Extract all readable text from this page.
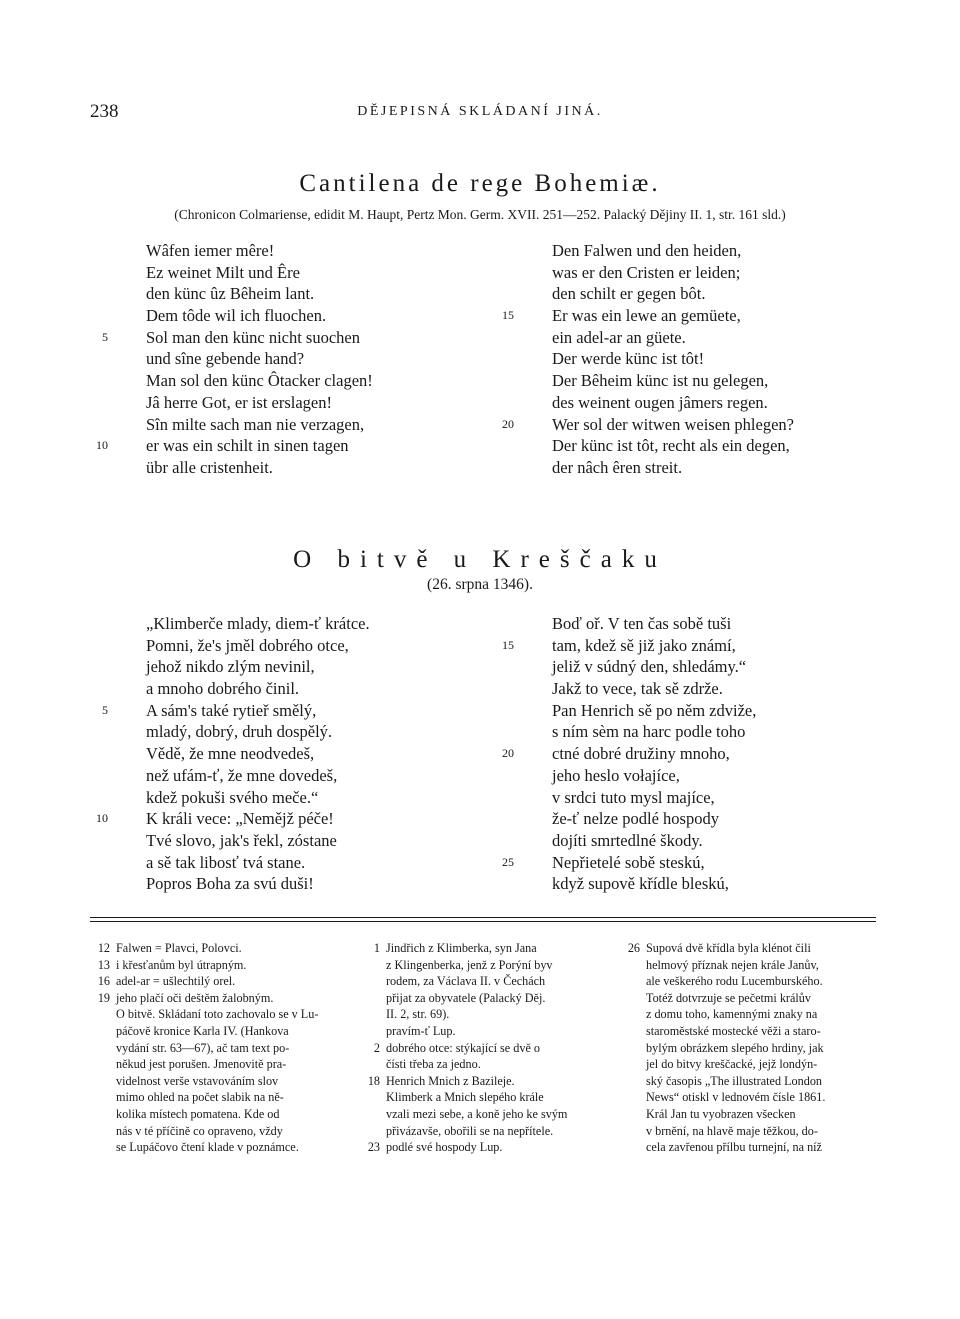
238	DĚJEPISNÁ SKLÁDANÍ JINÁ.
Cantilena de rege Bohemiæ.
(Chronicon Colmariense, edidit M. Haupt, Pertz Mon. Germ. XVII. 251—252. Palacký Dějiny II. 1, str. 161 sld.)
Wâfen iemer mêre!
Ez weinet Milt und Êre
den künc ûz Bêheim lant.
Dem tôde wil ich fluochen.
Sol man den künc nicht suochen
und sîne gebende hand?
Man sol den künc Ôtacker clagen!
Jâ herre Got, er ist erslagen!
Sîn milte sach man nie verzagen,
er was ein schilt in sinen tagen
übr alle cristenheit.
Den Falwen und den heiden,
was er den Cristen er leiden;
den schilt er gegen bôt.
Er was ein lewe an gemüete,
ein adel-ar an güete.
Der werde künc ist tôt!
Der Bêheim künc ist nu gelegen,
des weinent ougen jâmers regen.
Wer sol der witwen weisen phlegen?
Der künc ist tôt, recht als ein degen,
der nâch êren streit.
5
10
15
20
O bitvě u Kreščaku
(26. srpna 1346).
„Klimberče mlady, diem-ť krátce.
Pomni, že's jměl dobrého otce,
jehož nikdo zlým nevinil,
a mnoho dobrého činil.
A sám's také rytieř smělý,
mladý, dobrý, druh dospělý.
Vědě, že mne neodvedeš,
než ufám-ť, že mne dovedeš,
kdež pokuši svého meče.“
K králi vece: „Nemějž péče!
Tvé slovo, jak's řekl, zóstane
a sě tak libosť tvá stane.
Popros Boha za svú duši!
Boď oř. V ten čas sobě tuši
tam, kdež sě již jako známí,
jeliž v súdný den, shledámy.“
Jakž to vece, tak sě zdrže.
Pan Henrich sě po něm zdviže,
s ním sèm na harc podle toho
ctné dobré družiny mnoho,
jeho heslo vołajíce,
v srdci tuto mysl majíce,
že-ť nelze podlé hospody
dojíti smrtedlné škody.
Nepřietelé sobě steskú,
když supově křídle bleskú,
5
10
15
20
25
12 Falwen = Plavci, Polovci.
13 i křesťanům byl útrapným.
16 adel-ar = ušlechtilý orel.
19 jeho plačí oči deštěm žalobným.
O bitvě. Skládaní toto zachovalo se v Lu-
páčově kronice Karla IV. (Hankova
vydání str. 63—67), ač tam text po-
někud jest porušen. Jmenovitě pra-
videlnost verše vstavováním slov
mimo ohled na počet slabik na ně-
kolika místech pomatena. Kde od
nás v té příčině co opraveno, vždy
se Lupáčovo čtení klade v poznámce.
1 Jindřich z Klimberka, syn Jana
z Klingenberka, jenž z Porýní byv
rodem, za Václava II. v Čechách
přijat za obyvatele (Palacký Děj.
II. 2, str. 69).
pravím-ť Lup.
2 dobrého otce: stýkající se dvě o
čísti třeba za jedno.
18 Henrich Mnich z Bazileje.
Klimberk a Mnich slepého krále
vzali mezi sebe, a koně jeho ke svým
přivázavše, obořili se na nepřítele.
23 podlé své hospody Lup.
26 Supová dvě křídla byla klénot čili
helmový příznak nejen krále Janův,
ale veškerého rodu Lucemburského.
Totéž dotvrzuje se pečetmi králův
z domu toho, kamennými znaky na
staroměstské mostecké věži a staro-
bylým obrázkem slepého hrdiny, jak
jel do bitvy kreščacké, jejž londýn-
ský časopis „The illustrated London
News“ otiskl v lednovém čísle 1861.
Král Jan tu vyobrazen všecken
v brnění, na hlavě maje těžkou, do-
cela zavřenou přílbu turnejní, na níž
